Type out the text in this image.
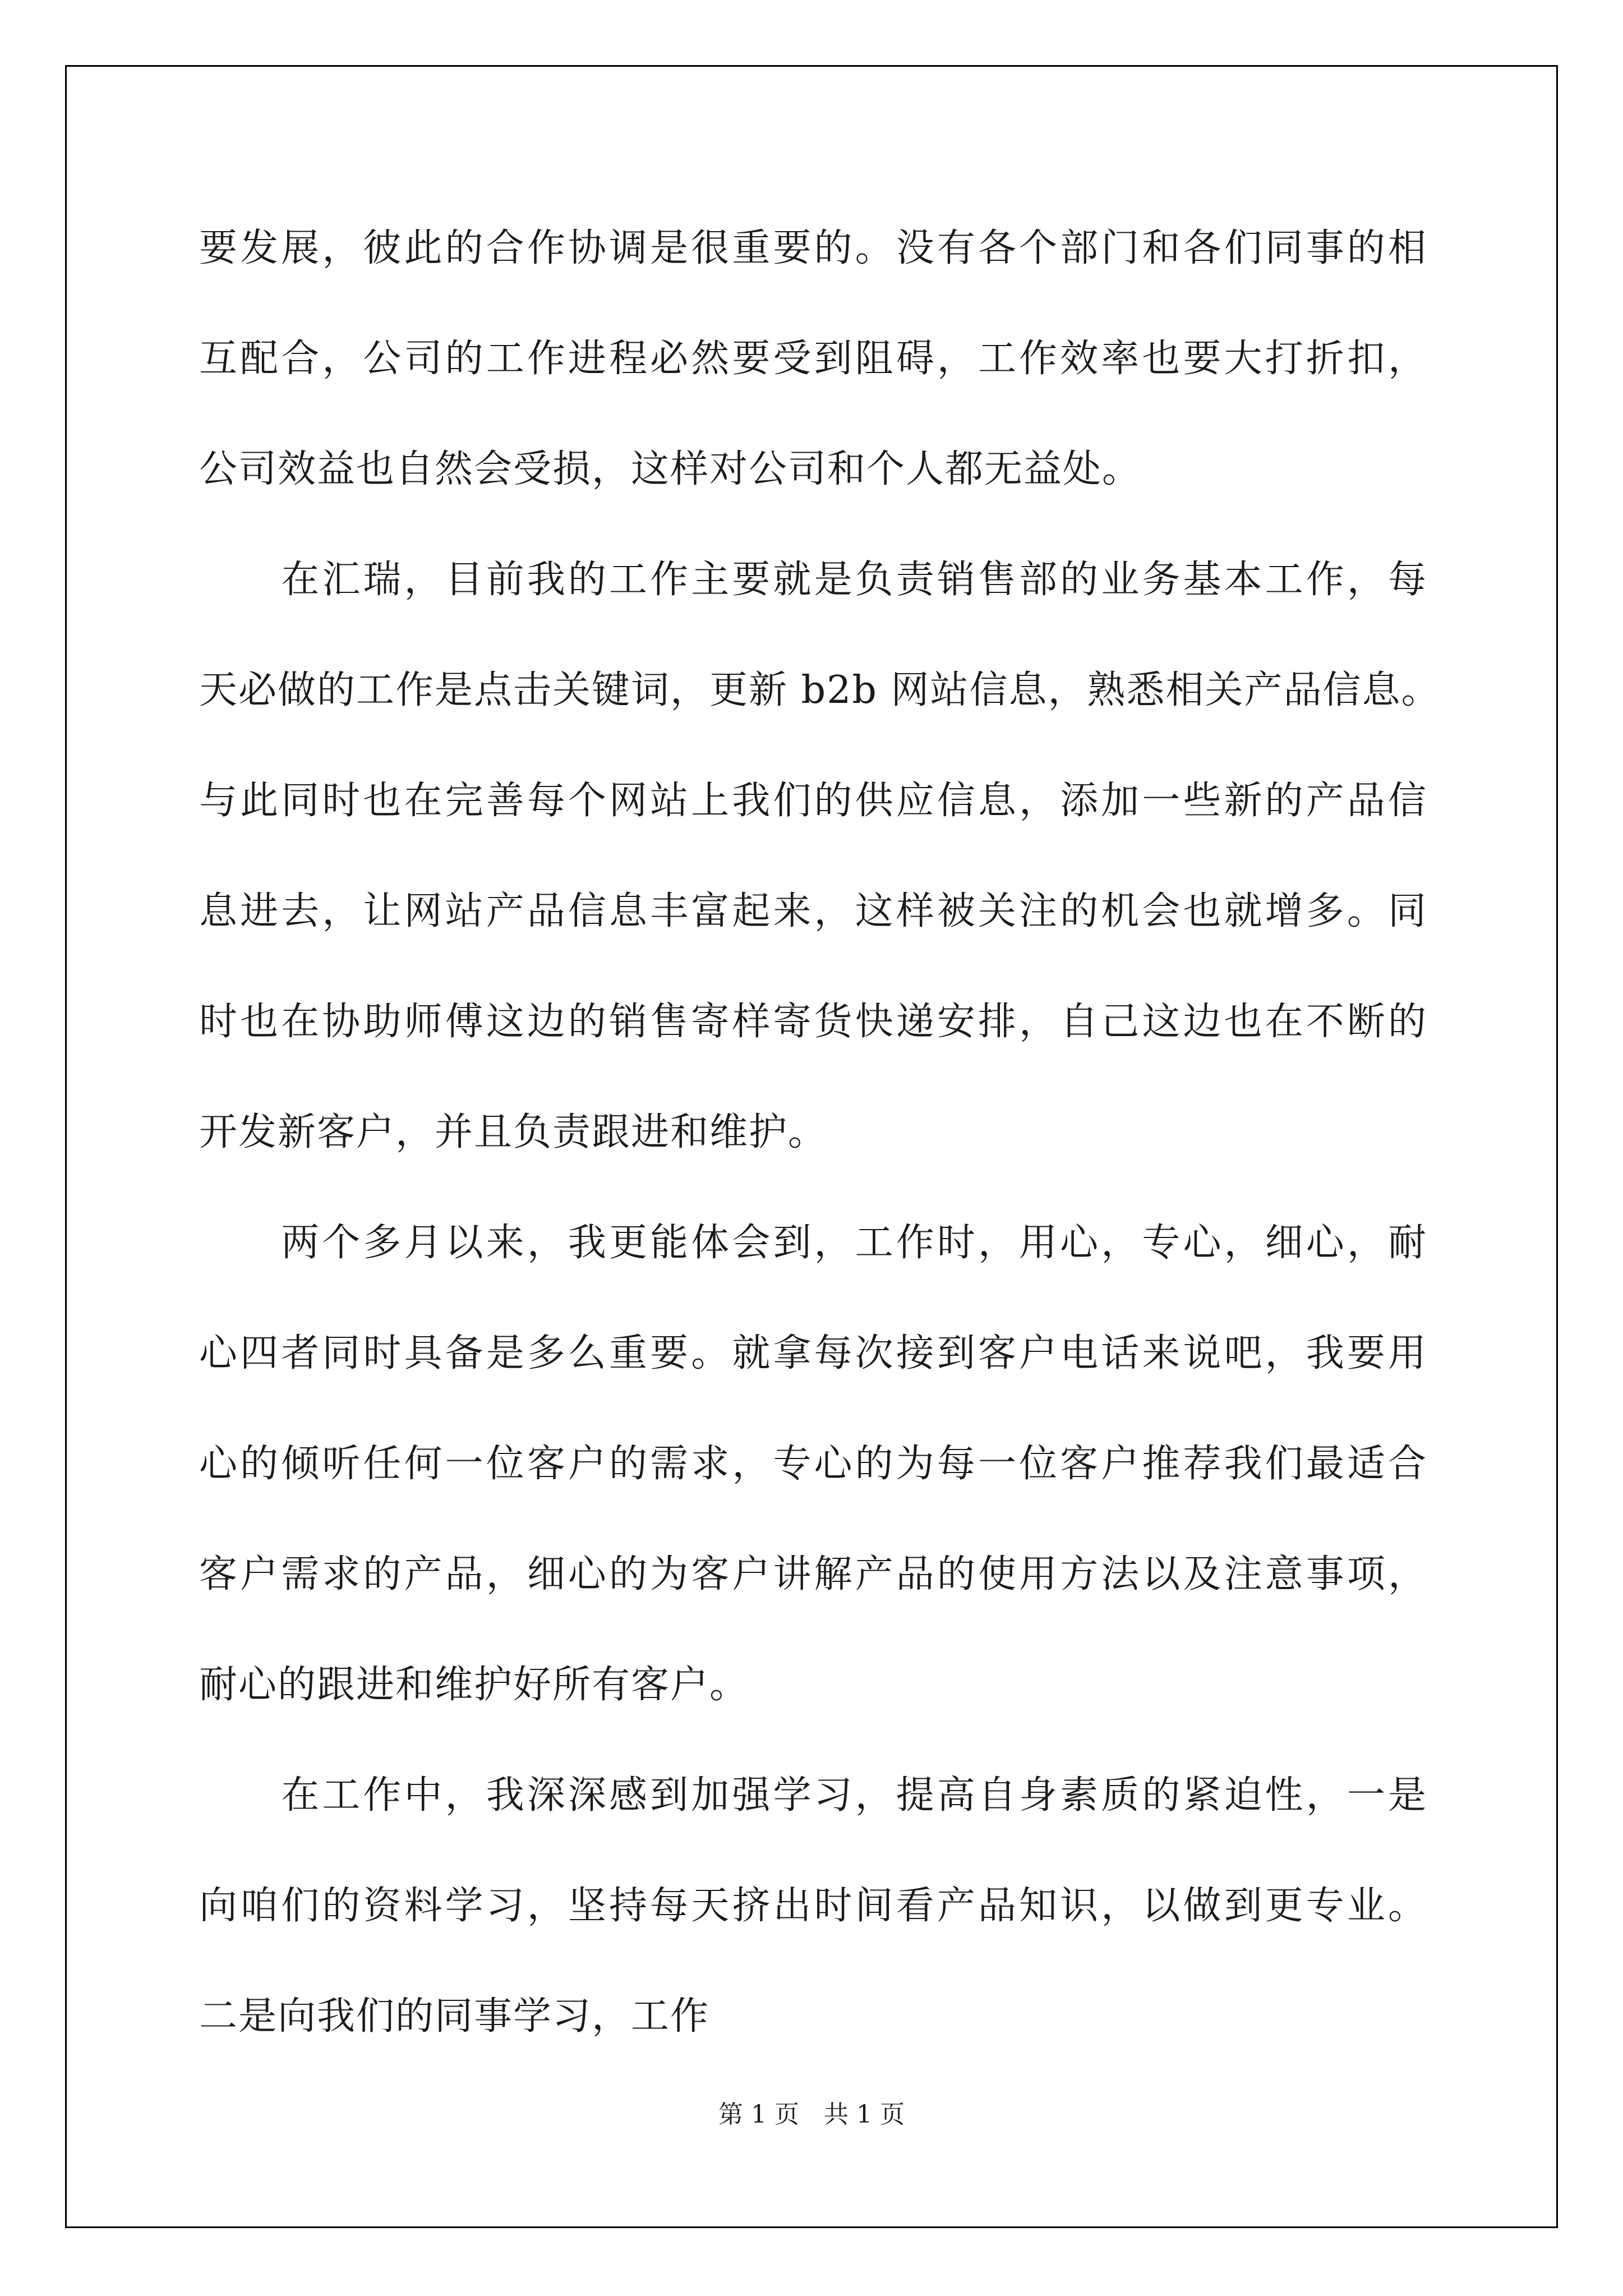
要发展，彼此的合作协调是很重要的。没有各个部门和各们同事的相
互配合，公司的工作进程必然要受到阻碍，工作效率也要大打折扣，
公司效益也自然会受损，这样对公司和个人都无益处。
　　在汇瑞，目前我的工作主要就是负责销售部的业务基本工作，每
天必做的工作是点击关键词，更新 b2b 网站信息，熟悉相关产品信息。
与此同时也在完善每个网站上我们的供应信息，添加一些新的产品信
息进去，让网站产品信息丰富起来，这样被关注的机会也就增多。同
时也在协助师傅这边的销售寄样寄货快递安排，自己这边也在不断的
开发新客户，并且负责跟进和维护。
　　两个多月以来，我更能体会到，工作时，用心，专心，细心，耐
心四者同时具备是多么重要。就拿每次接到客户电话来说吧，我要用
心的倾听任何一位客户的需求，专心的为每一位客户推荐我们最适合
客户需求的产品，细心的为客户讲解产品的使用方法以及注意事项，
耐心的跟进和维护好所有客户。
　　在工作中，我深深感到加强学习，提高自身素质的紧迫性，一是
向咱们的资料学习，坚持每天挤出时间看产品知识，以做到更专业。
二是向我们的同事学习，工作
第 1 页　共 1 页
